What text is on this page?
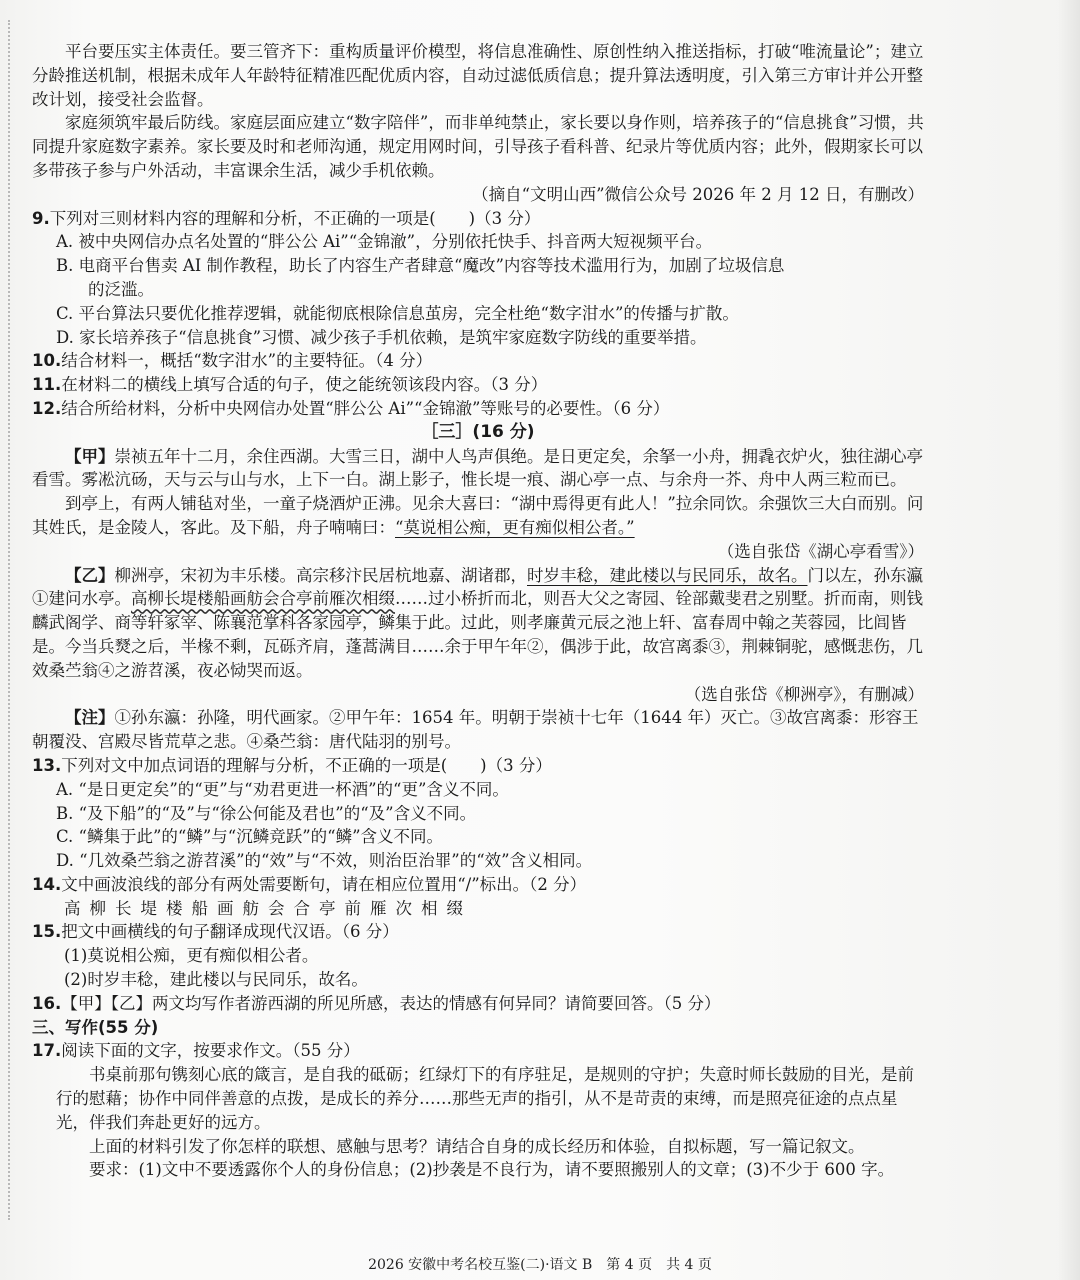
平台要压实主体责任。要三管齐下：重构质量评价模型，将信息准确性、原创性纳入推送指标，打破“唯流量论”；建立分龄推送机制，根据未成年人年龄特征精准匹配优质内容，自动过滤低质信息；提升算法透明度，引入第三方审计并公开整改计划，接受社会监督。

家庭须筑牢最后防线。家庭层面应建立“数字陪伴”，而非单纯禁止，家长要以身作则，培养孩子的“信息挑食”习惯，共同提升家庭数字素养。家长要及时和老师沟通，规定用网时间，引导孩子看科普、纪录片等优质内容；此外，假期家长可以多带孩子参与户外活动，丰富课余生活，减少手机依赖。

（摘自“文明山西”微信公众号 2026 年 2 月 12 日，有删改）

9.下列对三则材料内容的理解和分析，不正确的一项是(　　)（3 分）

A. 被中央网信办点名处置的“胖公公 Ai”“金锦澈”，分别依托快手、抖音两大短视频平台。

B. 电商平台售卖 AI 制作教程，助长了内容生产者肆意“魔改”内容等技术滥用行为，加剧了垃圾信息

的泛滥。

C. 平台算法只要优化推荐逻辑，就能彻底根除信息茧房，完全杜绝“数字泔水”的传播与扩散。

D. 家长培养孩子“信息挑食”习惯、减少孩子手机依赖，是筑牢家庭数字防线的重要举措。

10.结合材料一，概括“数字泔水”的主要特征。（4 分）

11.在材料二的横线上填写合适的句子，使之能统领该段内容。（3 分）

12.结合所给材料，分析中央网信办处置“胖公公 Ai”“金锦澈”等账号的必要性。（6 分）

［三］(16 分)

【甲】崇祯五年十二月，余住西湖。大雪三日，湖中人鸟声俱绝。是日更定矣，余拏一小舟，拥毳衣炉火，独往湖心亭看雪。雾凇沆砀，天与云与山与水，上下一白。湖上影子，惟长堤一痕、湖心亭一点、与余舟一芥、舟中人两三粒而已。

到亭上，有两人铺毡对坐，一童子烧酒炉正沸。见余大喜曰：“湖中焉得更有此人！”拉余同饮。余强饮三大白而别。问其姓氏，是金陵人，客此。及下船，舟子喃喃曰：“莫说相公痴，更有痴似相公者。”

（选自张岱《湖心亭看雪》）

【乙】柳洲亭，宋初为丰乐楼。高宗移汴民居杭地嘉、湖诸郡，时岁丰稔，建此楼以与民同乐，故名。门以左，孙东瀛①建问水亭。高柳长堤楼船画舫会合亭前雁次相缀……过小桥折而北，则吾大父之寄园、铨部戴斐君之别墅。折而南，则钱麟武阁学、商等轩冢宰、陈襄范掌科各家园亭，鳞集于此。过此，则孝廉黄元辰之池上轩、富春周中翰之芙蓉园，比闾皆是。今当兵燹之后，半椽不剩，瓦砾齐肩，蓬蒿满目……余于甲午年②，偶涉于此，故宫离黍③，荆棘铜驼，感慨悲伤，几效桑苎翁④之游苕溪，夜必恸哭而返。

（选自张岱《柳洲亭》，有删减）

【注】①孙东瀛：孙隆，明代画家。②甲午年：1654 年。明朝于崇祯十七年（1644 年）灭亡。③故宫离黍：形容王朝覆没、宫殿尽皆荒草之悲。④桑苎翁：唐代陆羽的别号。

13.下列对文中加点词语的理解与分析，不正确的一项是(　　)（3 分）

A. “是日更定矣”的“更”与“劝君更进一杯酒”的“更”含义不同。

B. “及下船”的“及”与“徐公何能及君也”的“及”含义不同。

C. “鳞集于此”的“鳞”与“沉鳞竞跃”的“鳞”含义不同。

D. “几效桑苎翁之游苕溪”的“效”与“不效，则治臣治罪”的“效”含义相同。

14.文中画波浪线的部分有两处需要断句，请在相应位置用“/”标出。（2 分）

高柳长堤楼船画舫会合亭前雁次相缀

15.把文中画横线的句子翻译成现代汉语。（6 分）

(1)莫说相公痴，更有痴似相公者。

(2)时岁丰稔，建此楼以与民同乐，故名。

16.【甲】【乙】两文均写作者游西湖的所见所感，表达的情感有何异同？请简要回答。（5 分）

三、写作(55 分)

17.阅读下面的文字，按要求作文。（55 分）

书桌前那句镌刻心底的箴言，是自我的砥砺；红绿灯下的有序驻足，是规则的守护；失意时师长鼓励的目光，是前行的慰藉；协作中同伴善意的点拨，是成长的养分……那些无声的指引，从不是苛责的束缚，而是照亮征途的点点星光，伴我们奔赴更好的远方。

上面的材料引发了你怎样的联想、感触与思考？请结合自身的成长经历和体验，自拟标题，写一篇记叙文。

要求：(1)文中不要透露你个人的身份信息；(2)抄袭是不良行为，请不要照搬别人的文章；(3)不少于 600 字。

2026 安徽中考名校互鉴(二)·语文 B　第 4 页　共 4 页
